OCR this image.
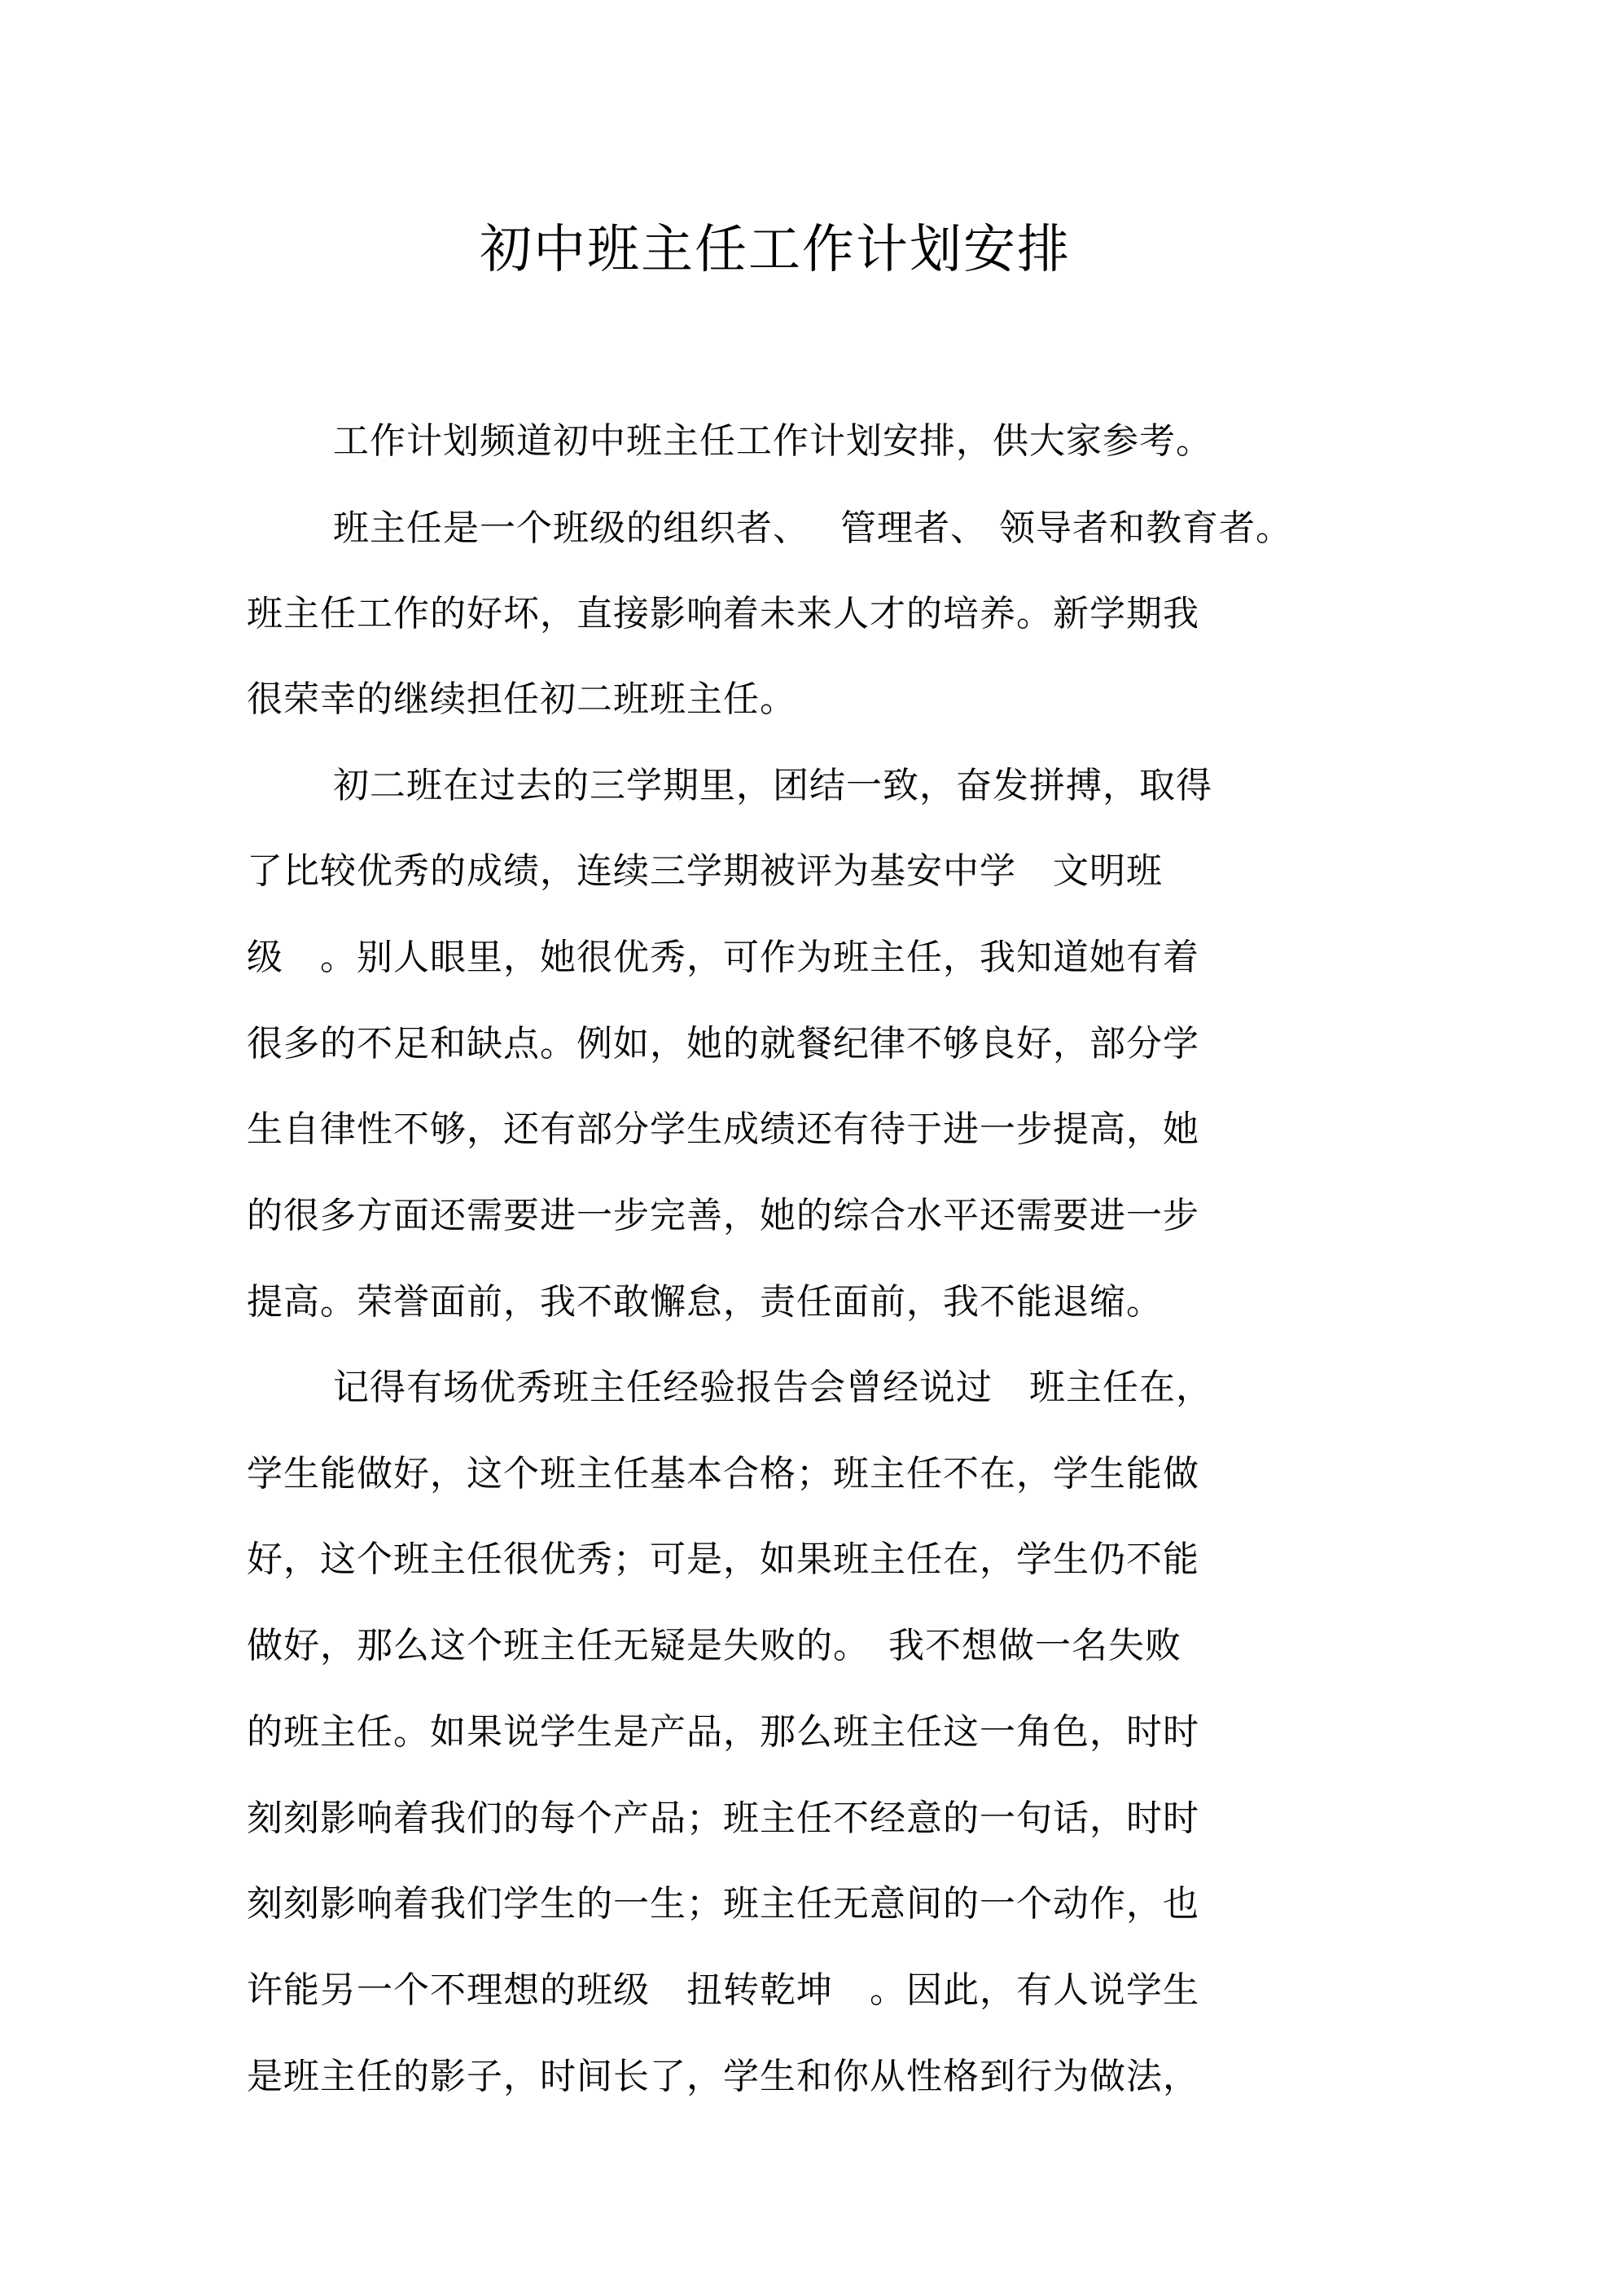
初中班主任工作计划安排

工作计划频道初中班主任工作计划安排，供大家参考。

班主任是一个班级的组织者、　 管理者、 领导者和教育者。

班主任工作的好坏，直接影响着未来人才的培养。新学期我

很荣幸的继续担任初二班班主任。

初二班在过去的三学期里，团结一致，奋发拼搏，取得

了比较优秀的成绩，连续三学期被评为基安中学　文明班

级　。别人眼里，她很优秀，可作为班主任，我知道她有着

很多的不足和缺点。例如，她的就餐纪律不够良好，部分学

生自律性不够，还有部分学生成绩还有待于进一步提高，她

的很多方面还需要进一步完善，她的综合水平还需要进一步

提高。荣誉面前，我不敢懈怠，责任面前，我不能退缩。

记得有场优秀班主任经验报告会曾经说过　班主任在，

学生能做好，这个班主任基本合格；班主任不在，学生能做

好，这个班主任很优秀；可是，如果班主任在，学生仍不能

做好，那么这个班主任无疑是失败的。　我不想做一名失败

的班主任。如果说学生是产品，那么班主任这一角色，时时

刻刻影响着我们的每个产品；班主任不经意的一句话，时时

刻刻影响着我们学生的一生；班主任无意间的一个动作，也

许能另一个不理想的班级　扭转乾坤　。因此，有人说学生

是班主任的影子，时间长了，学生和你从性格到行为做法，
